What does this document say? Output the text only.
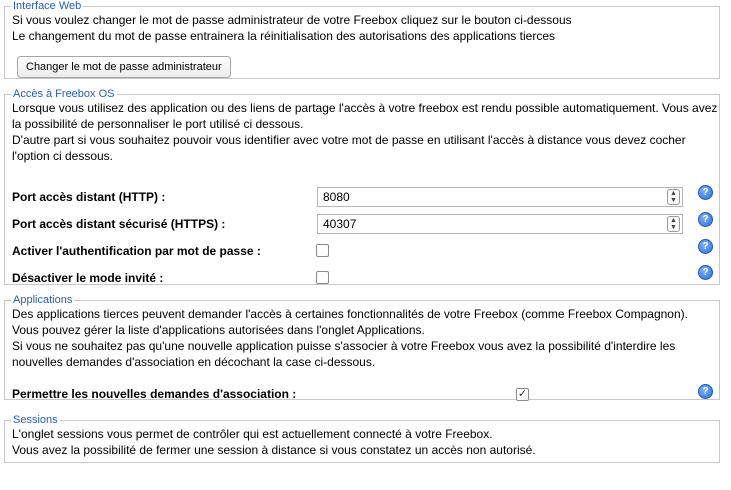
Interface Web

Si vous voulez changer le mot de passe administrateur de votre Freebox cliquez sur le bouton ci-dessous

Le changement du mot de passe entrainera la réinitialisation des autorisations des applications tierces

Changer le mot de passe administrateur
Accès à Freebox OS

Lorsque vous utilisez des application ou des liens de partage l'accès à votre freebox est rendu possible automatiquement. Vous avez

la possibilité de personnaliser le port utilisé ci dessous.

D'autre part si vous souhaitez pouvoir vous identifier avec votre mot de passe en utilisant l'accès à distance vous devez cocher

l'option ci dessous.

Port accès distant (HTTP) :	8080	▲
▼
?
Port accès distant sécurisé (HTTPS) :	40307	▲
▼
?
Activer l'authentification par mot de passe :	?
Désactiver le mode invité :	?
Applications

Des applications tierces peuvent demander l'accès à certaines fonctionnalités de votre Freebox (comme Freebox Compagnon).

Vous pouvez gérer la liste d'applications autorisées dans l'onglet Applications.

Si vous ne souhaitez pas qu'une nouvelle application puisse s'associer à votre Freebox vous avez la possibilité d'interdire les

nouvelles demandes d'association en décochant la case ci-dessous.

Permettre les nouvelles demandes d'association :	✓	?
Sessions

L'onglet sessions vous permet de contrôler qui est actuellement connecté à votre Freebox.

Vous avez la possibilité de fermer une session à distance si vous constatez un accès non autorisé.
